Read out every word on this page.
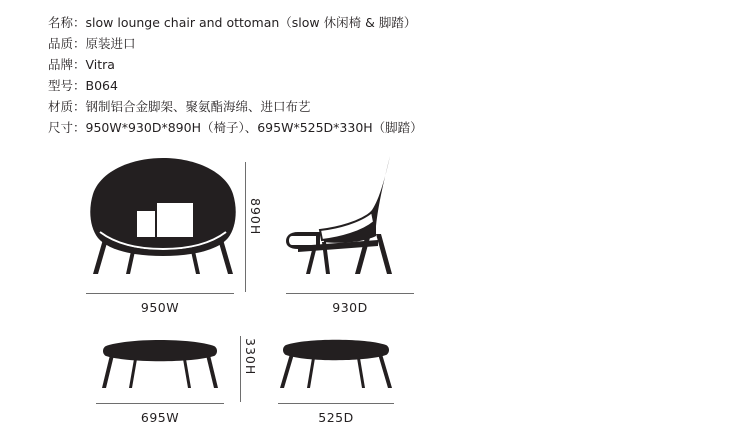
名称：slow lounge chair and ottoman（slow 休闲椅 & 脚踏）
品质：原装进口
品牌：Vitra
型号：B064
材质：钢制铝合金脚架、聚氨酯海绵、进口布艺
尺寸：950W*930D*890H（椅子）、695W*525D*330H（脚踏）
950W
890H
930D
695W
330H
525D
